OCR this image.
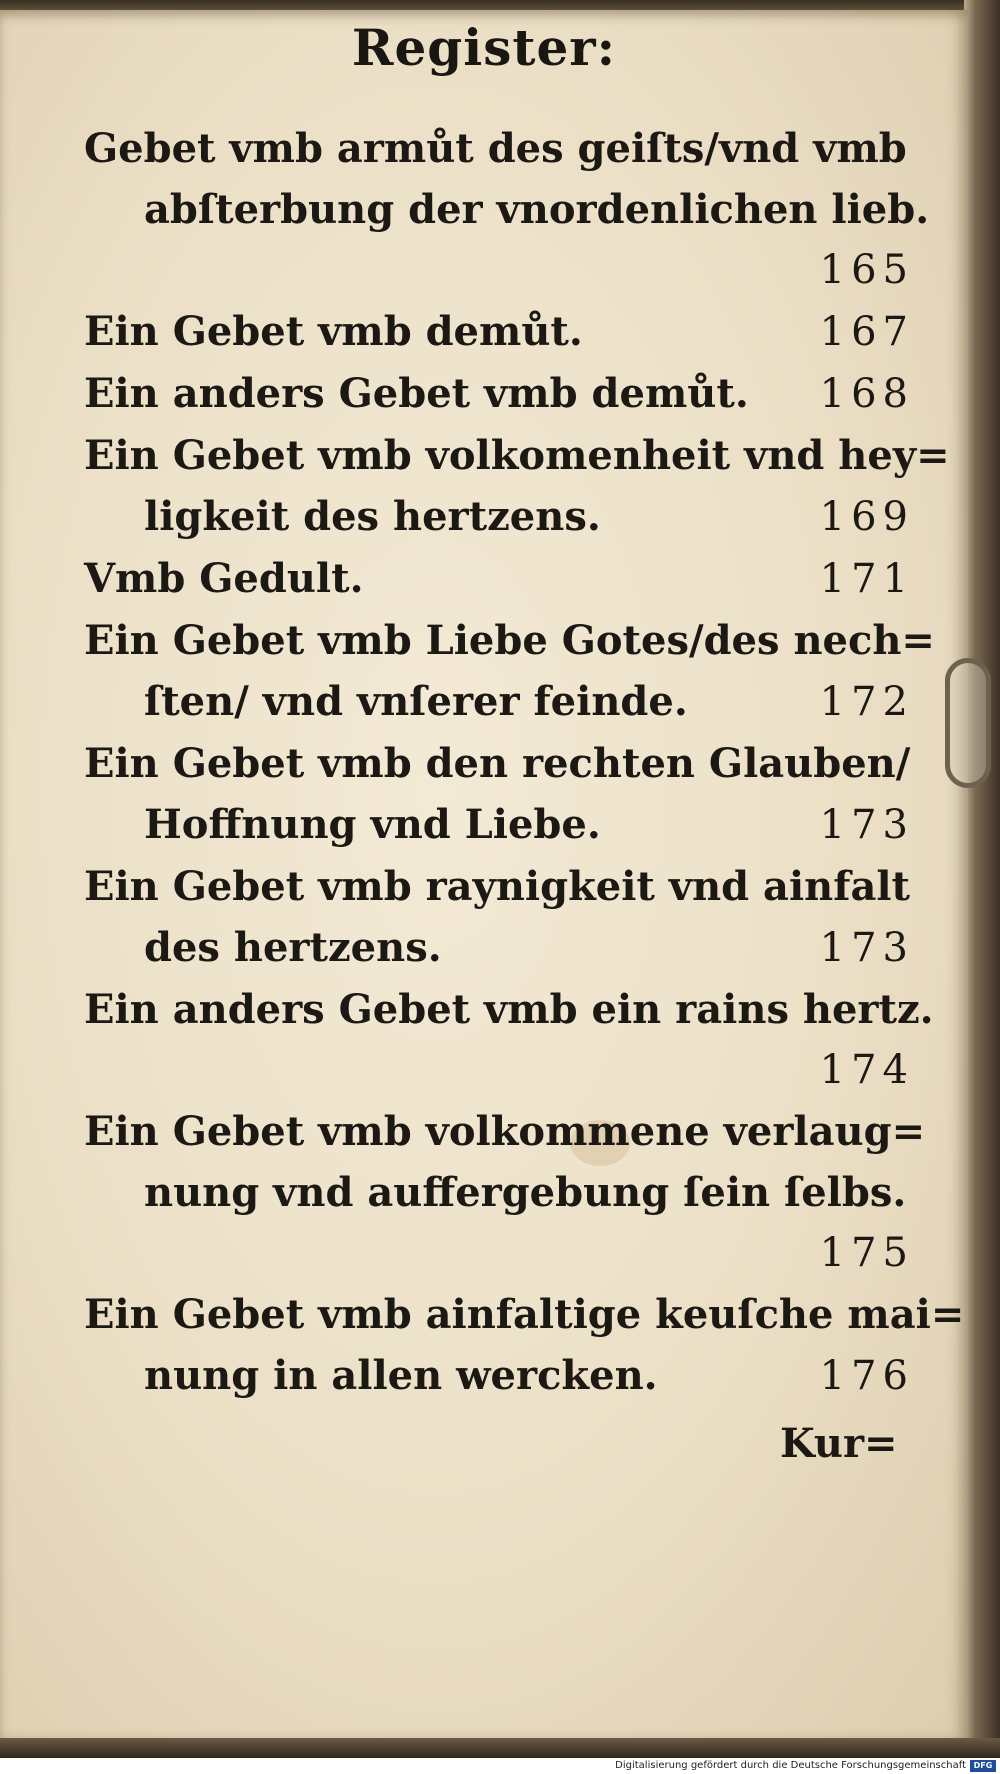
Register:
Gebet vmb armůt des geiſts/vnd vmb
abſterbung der vnordenlichen lieb.
165
Ein Gebet vmb demůt.	167
Ein anders Gebet vmb demůt.	168
Ein Gebet vmb volkomenheit vnd hey=
ligkeit des hertzens.	169
Vmb Gedult.	171
Ein Gebet vmb Liebe Gotes/des nech=
ſten/ vnd vnſerer feinde.	172
Ein Gebet vmb den rechten Glauben/
Hoffnung vnd Liebe.	173
Ein Gebet vmb raynigkeit vnd ainfalt
des hertzens.	173
Ein anders Gebet vmb ein rains hertz.
174
Ein Gebet vmb volkommene verlaug=
nung vnd auffergebung ſein ſelbs.
175
Ein Gebet vmb ainfaltige keuſche mai=
nung in allen wercken.	176
Kur=
Digitalisierung gefördert durch die Deutsche Forschungsgemeinschaft DFG
